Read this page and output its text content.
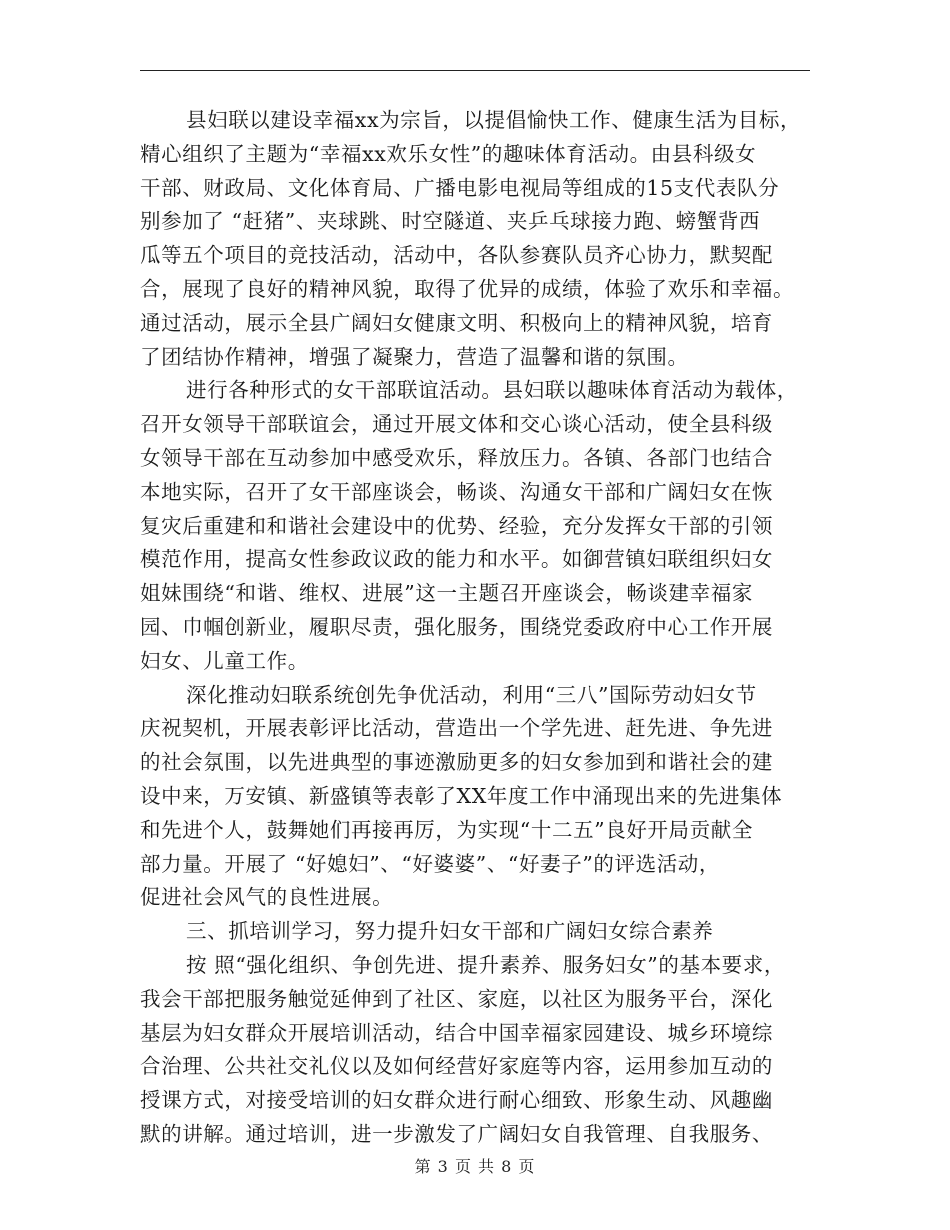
县妇联以建设幸福xx为宗旨，以提倡愉快工作、健康生活为目标，
精心组织了主题为“幸福xx欢乐女性”的趣味体育活动。由县科级女
干部、财政局、文化体育局、广播电影电视局等组成的15支代表队分
别参加了 “赶猪”、夹球跳、时空隧道、夹乒乓球接力跑、螃蟹背西
瓜等五个项目的竞技活动，活动中，各队参赛队员齐心协力，默契配
合，展现了良好的精神风貌，取得了优异的成绩，体验了欢乐和幸福。
通过活动，展示全县广阔妇女健康文明、积极向上的精神风貌，培育
了团结协作精神，增强了凝聚力，营造了温馨和谐的氛围。
进行各种形式的女干部联谊活动。县妇联以趣味体育活动为载体，
召开女领导干部联谊会，通过开展文体和交心谈心活动，使全县科级
女领导干部在互动参加中感受欢乐，释放压力。各镇、各部门也结合
本地实际，召开了女干部座谈会，畅谈、沟通女干部和广阔妇女在恢
复灾后重建和和谐社会建设中的优势、经验，充分发挥女干部的引领
模范作用，提高女性参政议政的能力和水平。如御营镇妇联组织妇女
姐妹围绕“和谐、维权、进展”这一主题召开座谈会，畅谈建幸福家
园、巾帼创新业，履职尽责，强化服务，围绕党委政府中心工作开展
妇女、儿童工作。
深化推动妇联系统创先争优活动，利用“三八”国际劳动妇女节
庆祝契机，开展表彰评比活动，营造出一个学先进、赶先进、争先进
的社会氛围，以先进典型的事迹激励更多的妇女参加到和谐社会的建
设中来，万安镇、新盛镇等表彰了XX年度工作中涌现出来的先进集体
和先进个人，鼓舞她们再接再厉，为实现“十二五”良好开局贡献全
部力量。开展了 “好媳妇”、“好婆婆”、“好妻子”的评选活动，
促进社会风气的良性进展。
三、抓培训学习，努力提升妇女干部和广阔妇女综合素养
按 照“强化组织、争创先进、提升素养、服务妇女”的基本要求，
我会干部把服务触觉延伸到了社区、家庭，以社区为服务平台，深化
基层为妇女群众开展培训活动，结合中国幸福家园建设、城乡环境综
合治理、公共社交礼仪以及如何经营好家庭等内容，运用参加互动的
授课方式，对接受培训的妇女群众进行耐心细致、形象生动、风趣幽
默的讲解。通过培训，进一步激发了广阔妇女自我管理、自我服务、
第 3 页 共 8 页
